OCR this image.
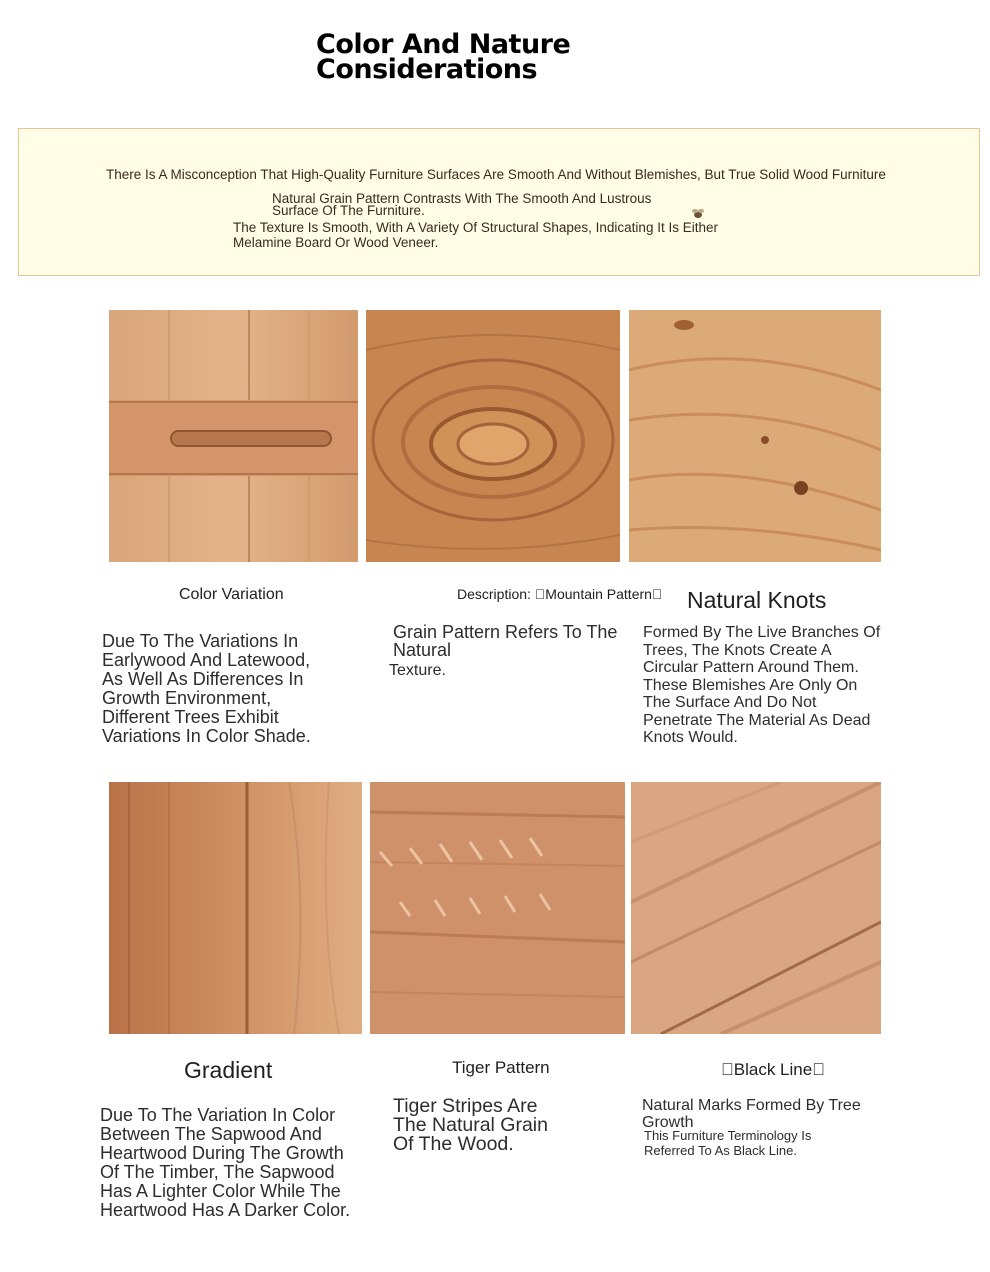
Color And Nature Considerations
There Is A Misconception That High-Quality Furniture Surfaces Are Smooth And Without Blemishes, But True Solid Wood Furniture
Natural Grain Pattern Contrasts With The Smooth And Lustrous Surface Of The Furniture.
The Texture Is Smooth, With A Variety Of Structural Shapes, Indicating It Is Either Melamine Board Or Wood Veneer.
Color Variation	Description:  Mountain Pattern  Natural Knots
Due To The Variations In Earlywood And Latewood, As Well As Differences In Growth Environment, Different Trees Exhibit Variations In Color Shade.
Grain Pattern Refers To The Natural
Texture.
Formed By The Live Branches Of Trees, The Knots Create A Circular Pattern Around Them. These Blemishes Are Only On The Surface And Do Not Penetrate The Material As Dead Knots Would.
Gradient	Tiger Pattern	 Black Line 
Due To The Variation In Color Between The Sapwood And Heartwood During The Growth Of The Timber, The Sapwood Has A Lighter Color While The Heartwood Has A Darker Color.
Tiger Stripes Are The Natural Grain Of The Wood.
Natural Marks Formed By Tree Growth
This Furniture Terminology Is Referred To As Black Line.
